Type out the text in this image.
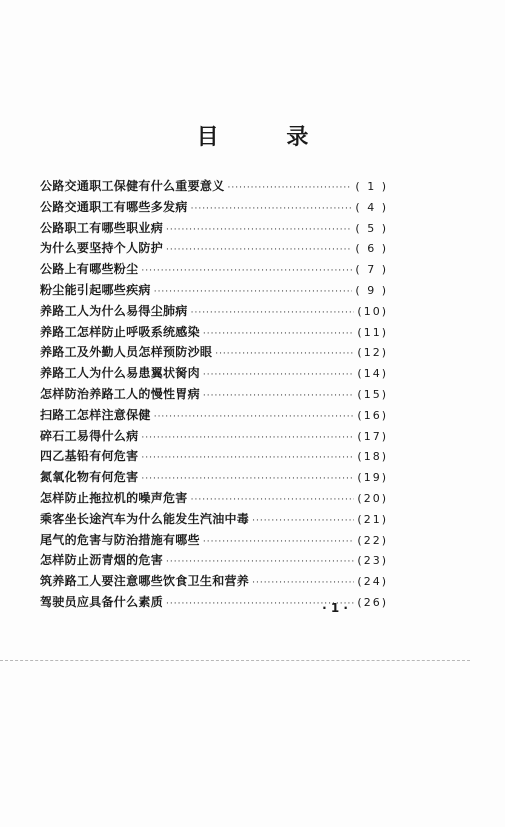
目 录
公路交通职工保健有什么重要意义 ·····	( 1 )
公路交通职工有哪些多发病 ·····	( 4 )
公路职工有哪些职业病 ·····	( 5 )
为什么要坚持个人防护 ·····	( 6 )
公路上有哪些粉尘 ·····	( 7 )
粉尘能引起哪些疾病 ·····	( 9 )
养路工人为什么易得尘肺病 ·····	(10)
养路工怎样防止呼吸系统感染 ·····	(11)
养路工及外勤人员怎样预防沙眼 ·····	(12)
养路工人为什么易患翼状胬肉 ·····	(14)
怎样防治养路工人的慢性胃病 ·····	(15)
扫路工怎样注意保健 ·····	(16)
碎石工易得什么病 ·····	(17)
四乙基铅有何危害 ·····	(18)
氮氧化物有何危害 ·····	(19)
怎样防止拖拉机的噪声危害 ·····	(20)
乘客坐长途汽车为什么能发生汽油中毒 ·····	(21)
尾气的危害与防治措施有哪些 ·····	(22)
怎样防止沥青烟的危害 ·····	(23)
筑养路工人要注意哪些饮食卫生和营养 ·····	(24)
驾驶员应具备什么素质 ·····	(26)
· 1 ·
